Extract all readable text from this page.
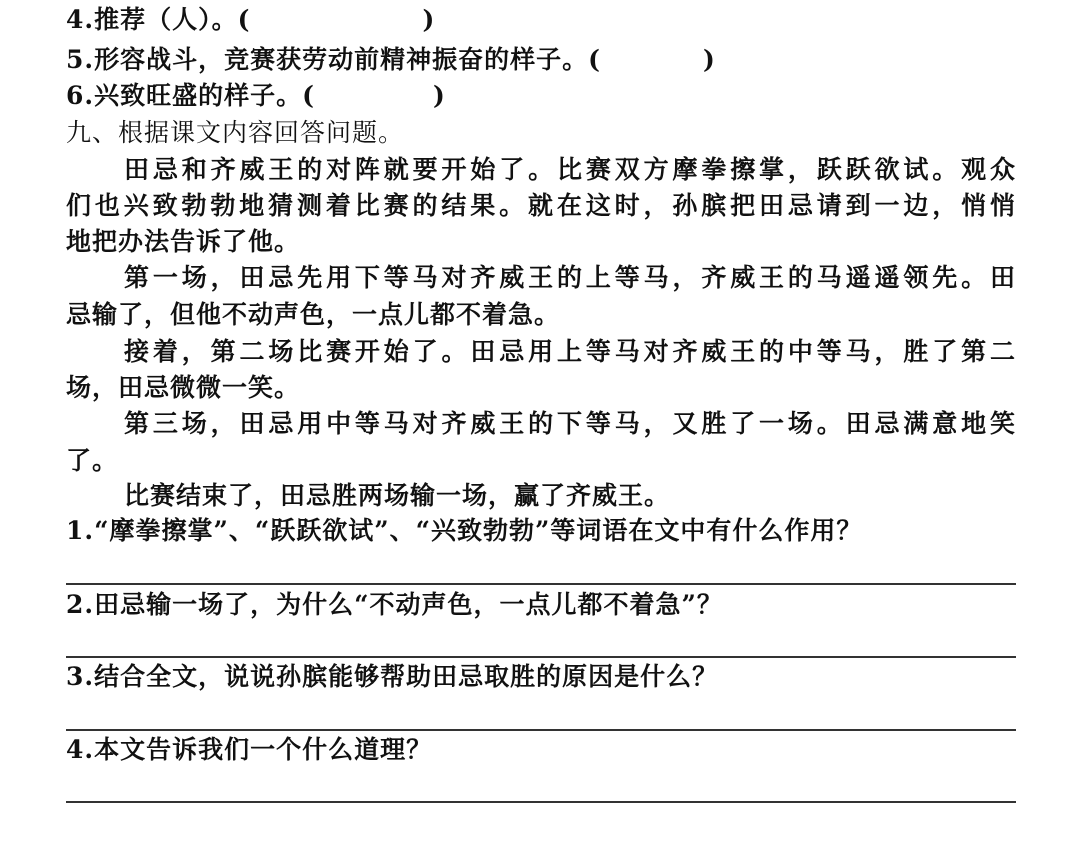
4.推荐（人）。(	)
5.形容战斗，竞赛获劳动前精神振奋的样子。(	)
6.兴致旺盛的样子。(	)
九、根据课文内容回答问题。
田忌和齐威王的对阵就要开始了。比赛双方摩拳擦掌，跃跃欲试。观众
们也兴致勃勃地猜测着比赛的结果。就在这时，孙膑把田忌请到一边，悄悄
地把办法告诉了他。
第一场，田忌先用下等马对齐威王的上等马，齐威王的马遥遥领先。田
忌输了，但他不动声色，一点儿都不着急。
接着，第二场比赛开始了。田忌用上等马对齐威王的中等马，胜了第二
场，田忌微微一笑。
第三场，田忌用中等马对齐威王的下等马，又胜了一场。田忌满意地笑
了。
比赛结束了，田忌胜两场输一场，赢了齐威王。
1.“摩拳擦掌”、“跃跃欲试”、“兴致勃勃”等词语在文中有什么作用？
2.田忌输一场了，为什么“不动声色，一点儿都不着急”？
3.结合全文，说说孙膑能够帮助田忌取胜的原因是什么？
4.本文告诉我们一个什么道理？
